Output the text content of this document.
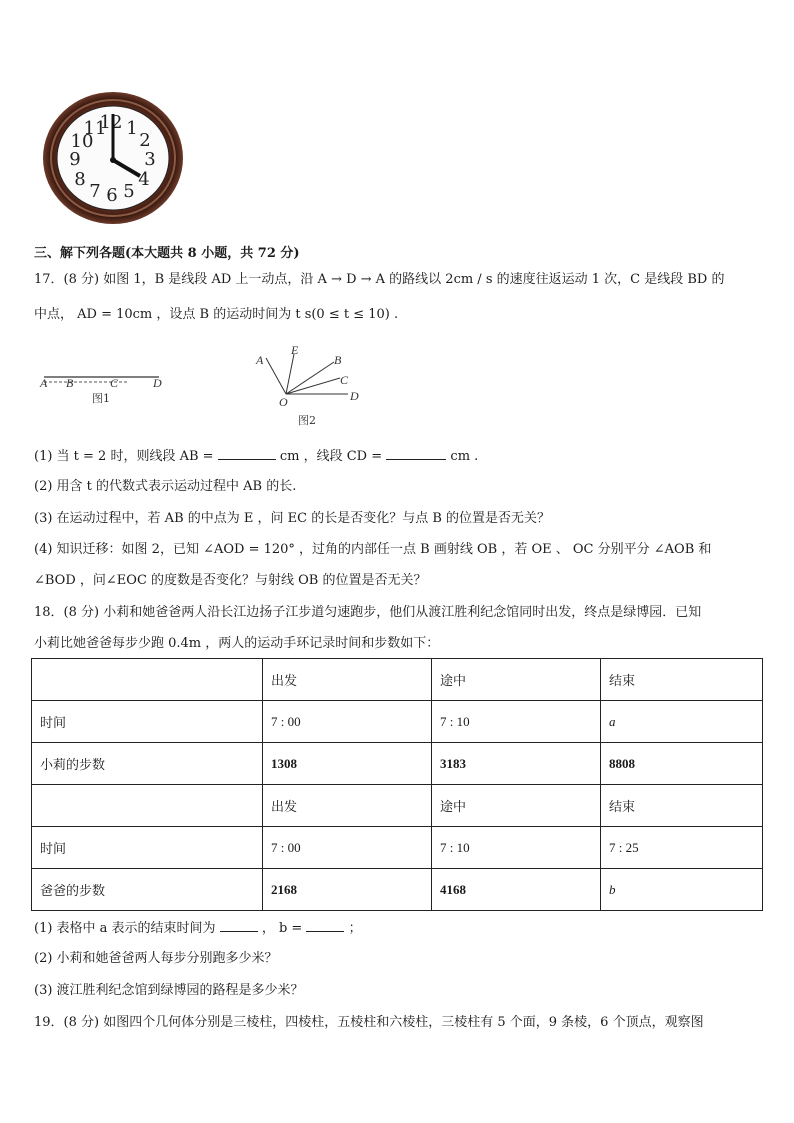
12 1
2
3
4
5
6
7
8
9
10
11
三、解下列各题(本大题共 8 小题，共 72 分)
17．(8 分) 如图 1，B 是线段 AD 上一动点，沿 A → D → A 的路线以 2cm / s 的速度往返运动 1 次，C 是线段 BD 的
中点， AD = 10cm ，设点 B 的运动时间为 t s(0 ≤ t ≤ 10) .
A B	C	D
图1
A
E
B
C
O	D
图2
(1) 当 t = 2 时，则线段 AB =	cm ，线段 CD =	cm .
(2) 用含 t 的代数式表示运动过程中 AB 的长.
(3) 在运动过程中，若 AB 的中点为 E ，问 EC 的长是否变化？与点 B 的位置是否无关？
(4) 知识迁移：如图 2，已知 ∠AOD = 120° ，过角的内部任一点 B 画射线 OB ，若 OE 、 OC 分别平分 ∠AOB 和
∠BOD ，问∠EOC 的度数是否变化？与射线 OB 的位置是否无关？
18．(8 分) 小莉和她爸爸两人沿长江边扬子江步道匀速跑步，他们从渡江胜利纪念馆同时出发，终点是绿博园．已知
小莉比她爸爸每步少跑 0.4m ，两人的运动手环记录时间和步数如下：
	出发	途中	结束
时间	7 : 00	7 : 10	a
小莉的步数	1308	3183	8808
	出发	途中	结束
时间	7 : 00	7 : 10	7 : 25
爸爸的步数	2168	4168	b
(1) 表格中 a 表示的结束时间为	， b =	；
(2) 小莉和她爸爸两人每步分别跑多少米？
(3) 渡江胜利纪念馆到绿博园的路程是多少米？
19．(8 分) 如图四个几何体分别是三棱柱，四棱柱，五棱柱和六棱柱，三棱柱有 5 个面，9 条棱，6 个顶点，观察图
